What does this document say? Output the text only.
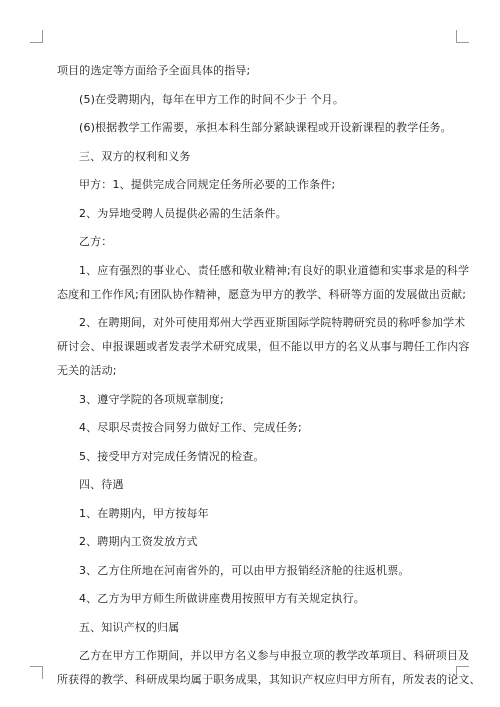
项目的选定等方面给予全面具体的指导;

(5)在受聘期内，每年在甲方工作的时间不少于 个月。

(6)根据教学工作需要，承担本科生部分紧缺课程或开设新课程的教学任务。

三、双方的权利和义务

甲方：1、提供完成合同规定任务所必要的工作条件;

2、为异地受聘人员提供必需的生活条件。

乙方：

1、应有强烈的事业心、责任感和敬业精神;有良好的职业道德和实事求是的科学

态度和工作作风;有团队协作精神，愿意为甲方的教学、科研等方面的发展做出贡献;

2、在聘期间，对外可使用郑州大学西亚斯国际学院特聘研究员的称呼参加学术

研讨会、申报课题或者发表学术研究成果，但不能以甲方的名义从事与聘任工作内容

无关的活动;

3、遵守学院的各项规章制度;

4、尽职尽责按合同努力做好工作、完成任务;

5、接受甲方对完成任务情况的检查。

四、待遇

1、在聘期内，甲方按每年

2、聘期内工资发放方式

3、乙方住所地在河南省外的，可以由甲方报销经济舱的往返机票。

4、乙方为甲方师生所做讲座费用按照甲方有关规定执行。

五、知识产权的归属

乙方在甲方工作期间，并以甲方名义参与申报立项的教学改革项目、科研项目及

所获得的教学、科研成果均属于职务成果，其知识产权应归甲方所有，所发表的论文、
